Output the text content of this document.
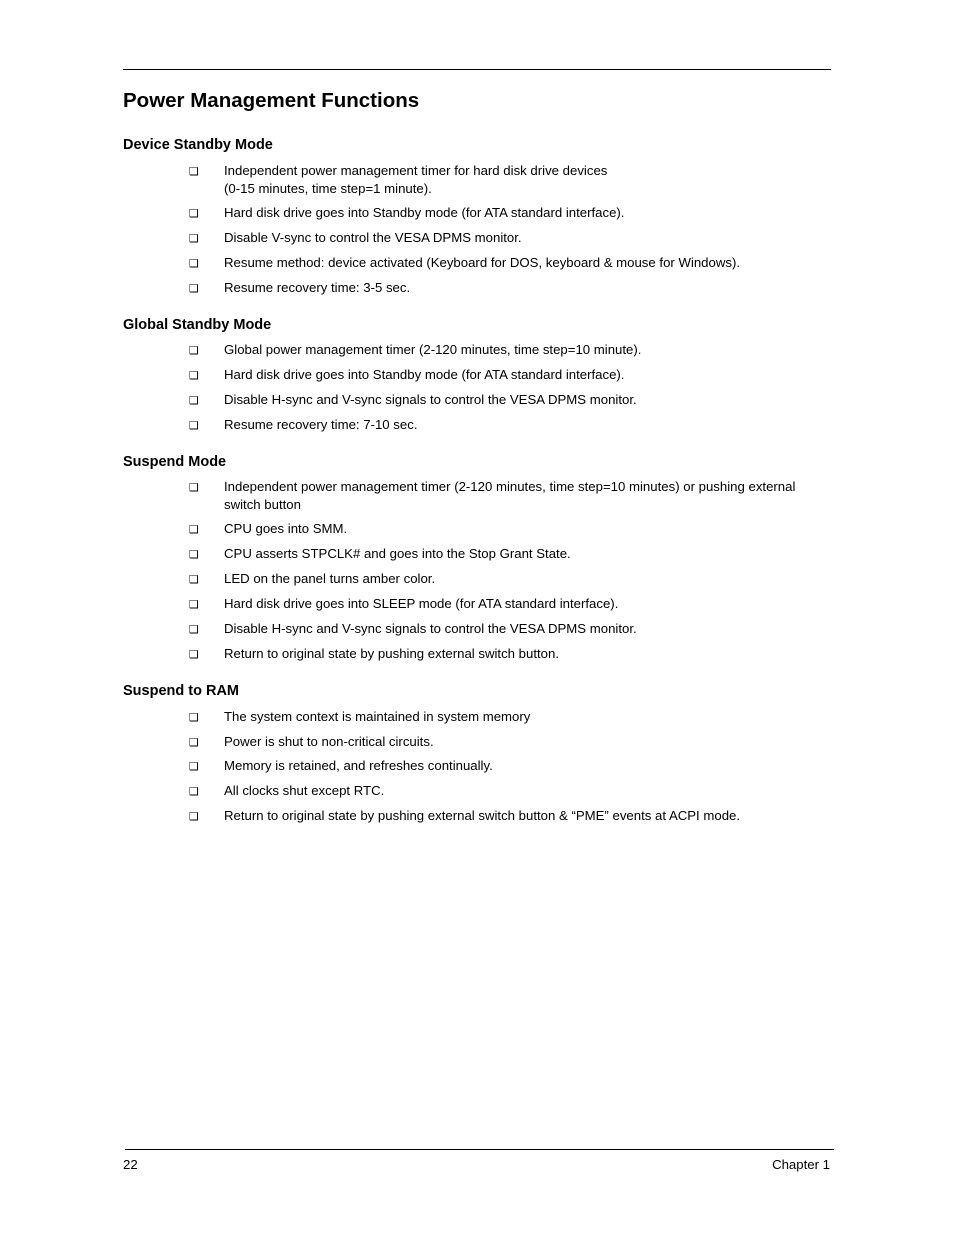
Power Management Functions
Device Standby Mode
❑	Independent power management timer for hard disk drive devices
(0-15 minutes, time step=1 minute).
❑	Hard disk drive goes into Standby mode (for ATA standard interface).
❑	Disable V-sync to control the VESA DPMS monitor.
❑	Resume method: device activated (Keyboard for DOS, keyboard & mouse for Windows).
❑	Resume recovery time: 3-5 sec.
Global Standby Mode
❑	Global power management timer (2-120 minutes, time step=10 minute).
❑	Hard disk drive goes into Standby mode (for ATA standard interface).
❑	Disable H-sync and V-sync signals to control the VESA DPMS monitor.
❑	Resume recovery time: 7-10 sec.
Suspend Mode
❑	Independent power management timer (2-120 minutes, time step=10 minutes) or pushing external
switch button
❑	CPU goes into SMM.
❑	CPU asserts STPCLK# and goes into the Stop Grant State.
❑	LED on the panel turns amber color.
❑	Hard disk drive goes into SLEEP mode (for ATA standard interface).
❑	Disable H-sync and V-sync signals to control the VESA DPMS monitor.
❑	Return to original state by pushing external switch button.
Suspend to RAM
❑	The system context is maintained in system memory
❑	Power is shut to non-critical circuits.
❑	Memory is retained, and refreshes continually.
❑	All clocks shut except RTC.
❑	Return to original state by pushing external switch button & “PME” events at ACPI mode.
22	Chapter 1
